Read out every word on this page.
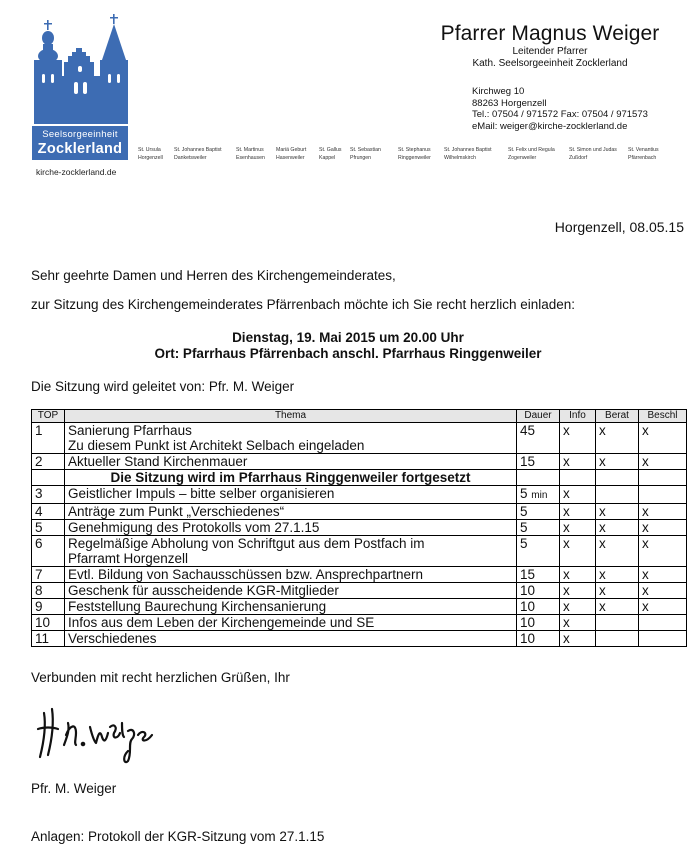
Seelsorgeeinheit
Zocklerland
kirche-zocklerland.de
St. Ursula
Horgenzell
St. Johannes Baptist
Danketsweiler
St. Martinus
Esenhausen
Mariä Geburt
Hasenweiler
St. Gallus
Kappel
St. Sebastian
Pfrungen
St. Stephanus
Ringgenweiler
St. Johannes Baptist
Wilhelmskirch
St. Felix und Regula
Zogenweiler
St. Simon und Judas
Zußdorf
St. Venantius
Pfärrenbach
Pfarrer Magnus Weiger
Leitender Pfarrer
Kath. Seelsorgeeinheit Zocklerland
Kirchweg 10
88263 Horgenzell
Tel.: 07504 / 971572 Fax: 07504 / 971573
eMail: weiger@kirche-zocklerland.de
Horgenzell, 08.05.15
Sehr geehrte Damen und Herren des Kirchengemeinderates,
zur Sitzung des Kirchengemeinderates Pfärrenbach möchte ich Sie recht herzlich einladen:
Dienstag, 19. Mai 2015 um 20.00 Uhr
Ort: Pfarrhaus Pfärrenbach anschl. Pfarrhaus Ringgenweiler
Die Sitzung wird geleitet von: Pfr. M. Weiger
TOP	Thema	Dauer	Info	Berat	Beschl
1	Sanierung Pfarrhaus
Zu diesem Punkt ist Architekt Selbach eingeladen	45	x	x	x
2	Aktueller Stand Kirchenmauer	15	x	x	x
	Die Sitzung wird im Pfarrhaus Ringgenweiler fortgesetzt				
3	Geistlicher Impuls – bitte selber organisieren	5 min	x		
4	Anträge zum Punkt „Verschiedenes“	5	x	x	x
5	Genehmigung des Protokolls vom 27.1.15	5	x	x	x
6	Regelmäßige Abholung von Schriftgut aus dem Postfach im
Pfarramt Horgenzell	5	x	x	x
7	Evtl. Bildung von Sachausschüssen bzw. Ansprechpartnern	15	x	x	x
8	Geschenk für ausscheidende KGR-Mitglieder	10	x	x	x
9	Feststellung Baurechung Kirchensanierung	10	x	x	x
10	Infos aus dem Leben der Kirchengemeinde und SE	10	x		
11	Verschiedenes	10	x		
Verbunden mit recht herzlichen Grüßen, Ihr
Pfr. M. Weiger
Anlagen: Protokoll der KGR-Sitzung vom 27.1.15
